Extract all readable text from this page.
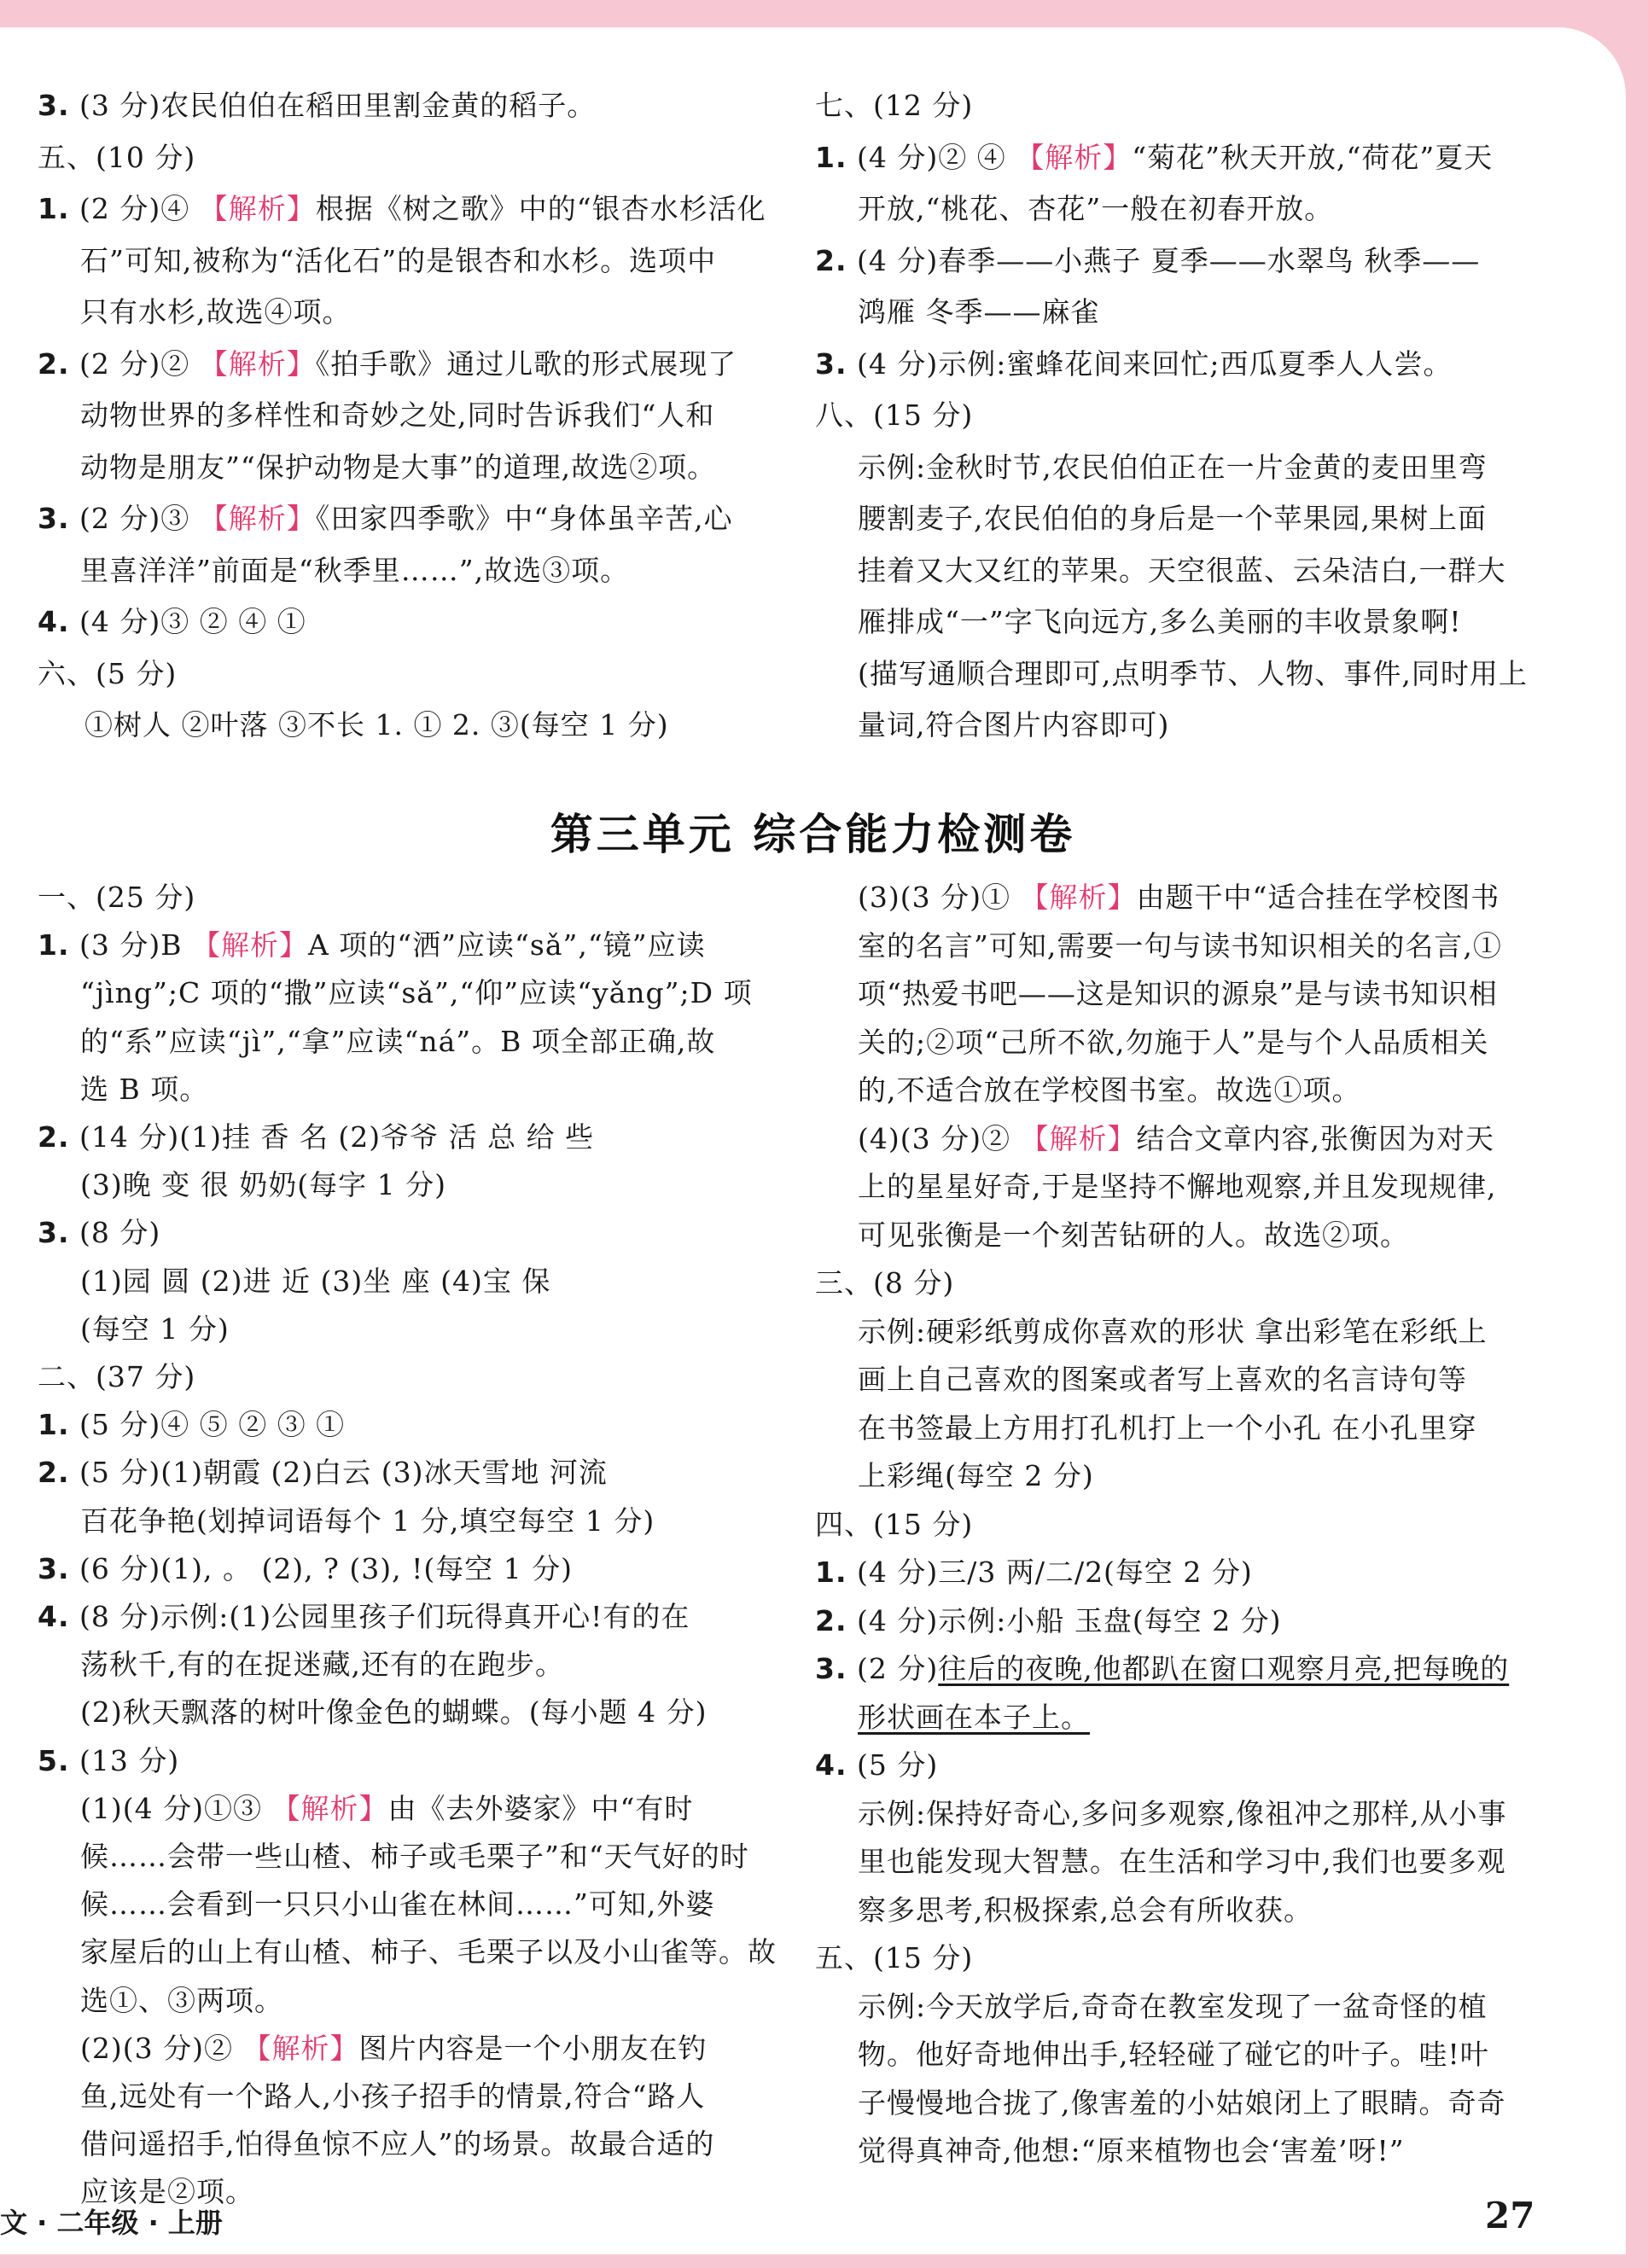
3. (3 分)农民伯伯在稻田里割金黄的稻子。
五、(10 分)
1. (2 分)④ 【解析】根据《树之歌》中的“银杏水杉活化
石”可知,被称为“活化石”的是银杏和水杉。选项中
只有水杉,故选④项。
2. (2 分)② 【解析】《拍手歌》通过儿歌的形式展现了
动物世界的多样性和奇妙之处,同时告诉我们“人和
动物是朋友”“保护动物是大事”的道理,故选②项。
3. (2 分)③ 【解析】《田家四季歌》中“身体虽辛苦,心
里喜洋洋”前面是“秋季里……”,故选③项。
4. (4 分)③ ② ④ ①
六、(5 分)
①树人 ②叶落 ③不长 1. ① 2. ③(每空 1 分)
七、(12 分)
1. (4 分)② ④ 【解析】“菊花”秋天开放,“荷花”夏天
开放,“桃花、杏花”一般在初春开放。
2. (4 分)春季——小燕子 夏季——水翠鸟 秋季——
鸿雁 冬季——麻雀
3. (4 分)示例:蜜蜂花间来回忙;西瓜夏季人人尝。
八、(15 分)
示例:金秋时节,农民伯伯正在一片金黄的麦田里弯
腰割麦子,农民伯伯的身后是一个苹果园,果树上面
挂着又大又红的苹果。天空很蓝、云朵洁白,一群大
雁排成“一”字飞向远方,多么美丽的丰收景象啊!
(描写通顺合理即可,点明季节、人物、事件,同时用上
量词,符合图片内容即可)
第三单元 综合能力检测卷
一、(25 分)
1. (3 分)B 【解析】A 项的“洒”应读“sǎ”,“镜”应读
“jìng”;C 项的“撒”应读“sǎ”,“仰”应读“yǎng”;D 项
的“系”应读“jì”,“拿”应读“ná”。B 项全部正确,故
选 B 项。
2. (14 分)(1)挂 香 名 (2)爷爷 活 总 给 些
(3)晚 变 很 奶奶(每字 1 分)
3. (8 分)
(1)园 圆 (2)进 近 (3)坐 座 (4)宝 保
(每空 1 分)
二、(37 分)
1. (5 分)④ ⑤ ② ③ ①
2. (5 分)(1)朝霞 (2)白云 (3)冰天雪地 河流
百花争艳(划掉词语每个 1 分,填空每空 1 分)
3. (6 分)(1), 。 (2), ? (3), !(每空 1 分)
4. (8 分)示例:(1)公园里孩子们玩得真开心!有的在
荡秋千,有的在捉迷藏,还有的在跑步。
(2)秋天飘落的树叶像金色的蝴蝶。(每小题 4 分)
5. (13 分)
(1)(4 分)①③ 【解析】由《去外婆家》中“有时
候……会带一些山楂、柿子或毛栗子”和“天气好的时
候……会看到一只只小山雀在林间……”可知,外婆
家屋后的山上有山楂、柿子、毛栗子以及小山雀等。故
选①、③两项。
(2)(3 分)② 【解析】图片内容是一个小朋友在钓
鱼,远处有一个路人,小孩子招手的情景,符合“路人
借问遥招手,怕得鱼惊不应人”的场景。故最合适的
应该是②项。
(3)(3 分)① 【解析】由题干中“适合挂在学校图书
室的名言”可知,需要一句与读书知识相关的名言,①
项“热爱书吧——这是知识的源泉”是与读书知识相
关的;②项“己所不欲,勿施于人”是与个人品质相关
的,不适合放在学校图书室。故选①项。
(4)(3 分)② 【解析】结合文章内容,张衡因为对天
上的星星好奇,于是坚持不懈地观察,并且发现规律,
可见张衡是一个刻苦钻研的人。故选②项。
三、(8 分)
示例:硬彩纸剪成你喜欢的形状 拿出彩笔在彩纸上
画上自己喜欢的图案或者写上喜欢的名言诗句等
在书签最上方用打孔机打上一个小孔 在小孔里穿
上彩绳(每空 2 分)
四、(15 分)
1. (4 分)三/3 两/二/2(每空 2 分)
2. (4 分)示例:小船 玉盘(每空 2 分)
3. (2 分)往后的夜晚,他都趴在窗口观察月亮,把每晚的
形状画在本子上。
4. (5 分)
示例:保持好奇心,多问多观察,像祖冲之那样,从小事
里也能发现大智慧。在生活和学习中,我们也要多观
察多思考,积极探索,总会有所收获。
五、(15 分)
示例:今天放学后,奇奇在教室发现了一盆奇怪的植
物。他好奇地伸出手,轻轻碰了碰它的叶子。哇!叶
子慢慢地合拢了,像害羞的小姑娘闭上了眼睛。奇奇
觉得真神奇,他想:“原来植物也会‘害羞’呀!”
文 · 二年级 · 上册	27
